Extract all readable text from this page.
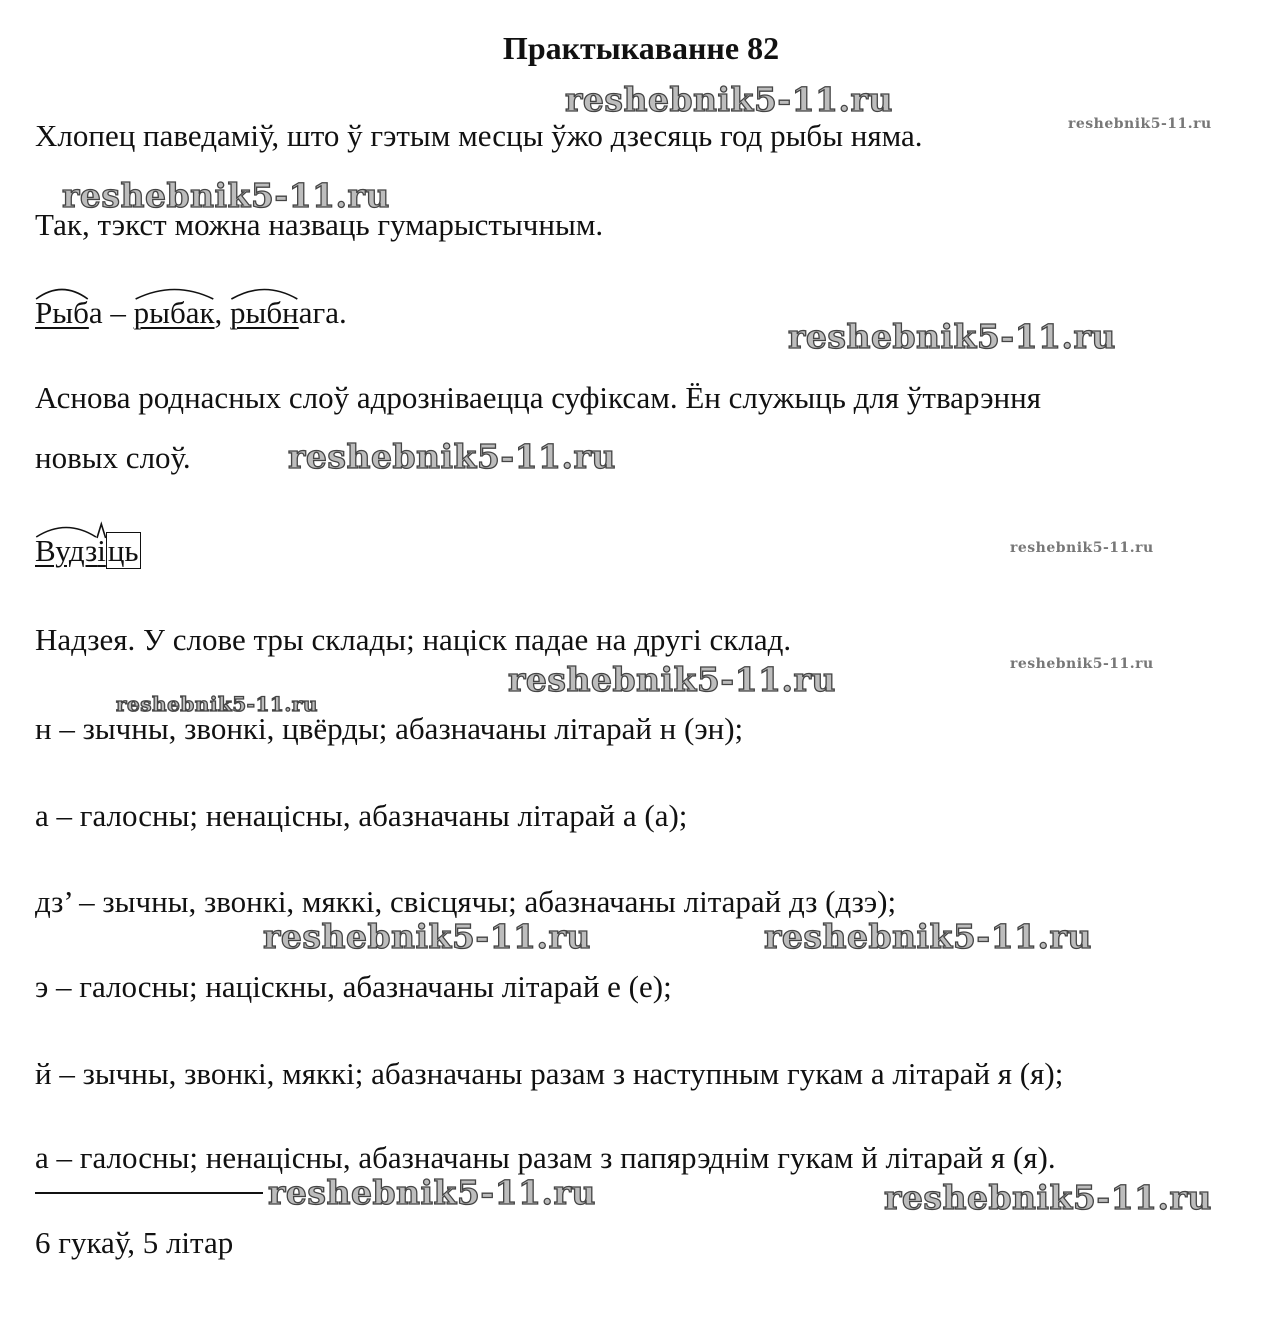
Практыкаванне 82
reshebnik5-11.ru
reshebnik5-11.ru
reshebnik5-11.ru
reshebnik5-11.ru
reshebnik5-11.ru
reshebnik5-11.ru
reshebnik5-11.ru
reshebnik5-11.ru
reshebnik5-11.ru
reshebnik5-11.ru	reshebnik5-11.ru
reshebnik5-11.ru	reshebnik5-11.ru
Хлопец паведаміў, што ў гэтым месцы ўжо дзесяць год рыбы няма.
Так, тэкст можна назваць гумарыстычным.
Рыба –
рыбак,
рыбнага.
Аснова роднасных слоў адрозніваецца суфіксам. Ён служыць для ўтварэння
новых слоў.
Вудз
іць
Надзея. У слове тры склады; націск падае на другі склад.
н – зычны, звонкі, цвёрды; абазначаны літарай н (эн);
а – галосны; ненацісны, абазначаны літарай а (а);
дз’ – зычны, звонкі, мяккі, свісцячы; абазначаны літарай дз (дзэ);
э – галосны; націскны, абазначаны літарай е (е);
й – зычны, звонкі, мяккі; абазначаны разам з наступным гукам а літарай я (я);
а – галосны; ненацісны, абазначаны разам з папярэднім гукам й літарай я (я).
6 гукаў, 5 літар
